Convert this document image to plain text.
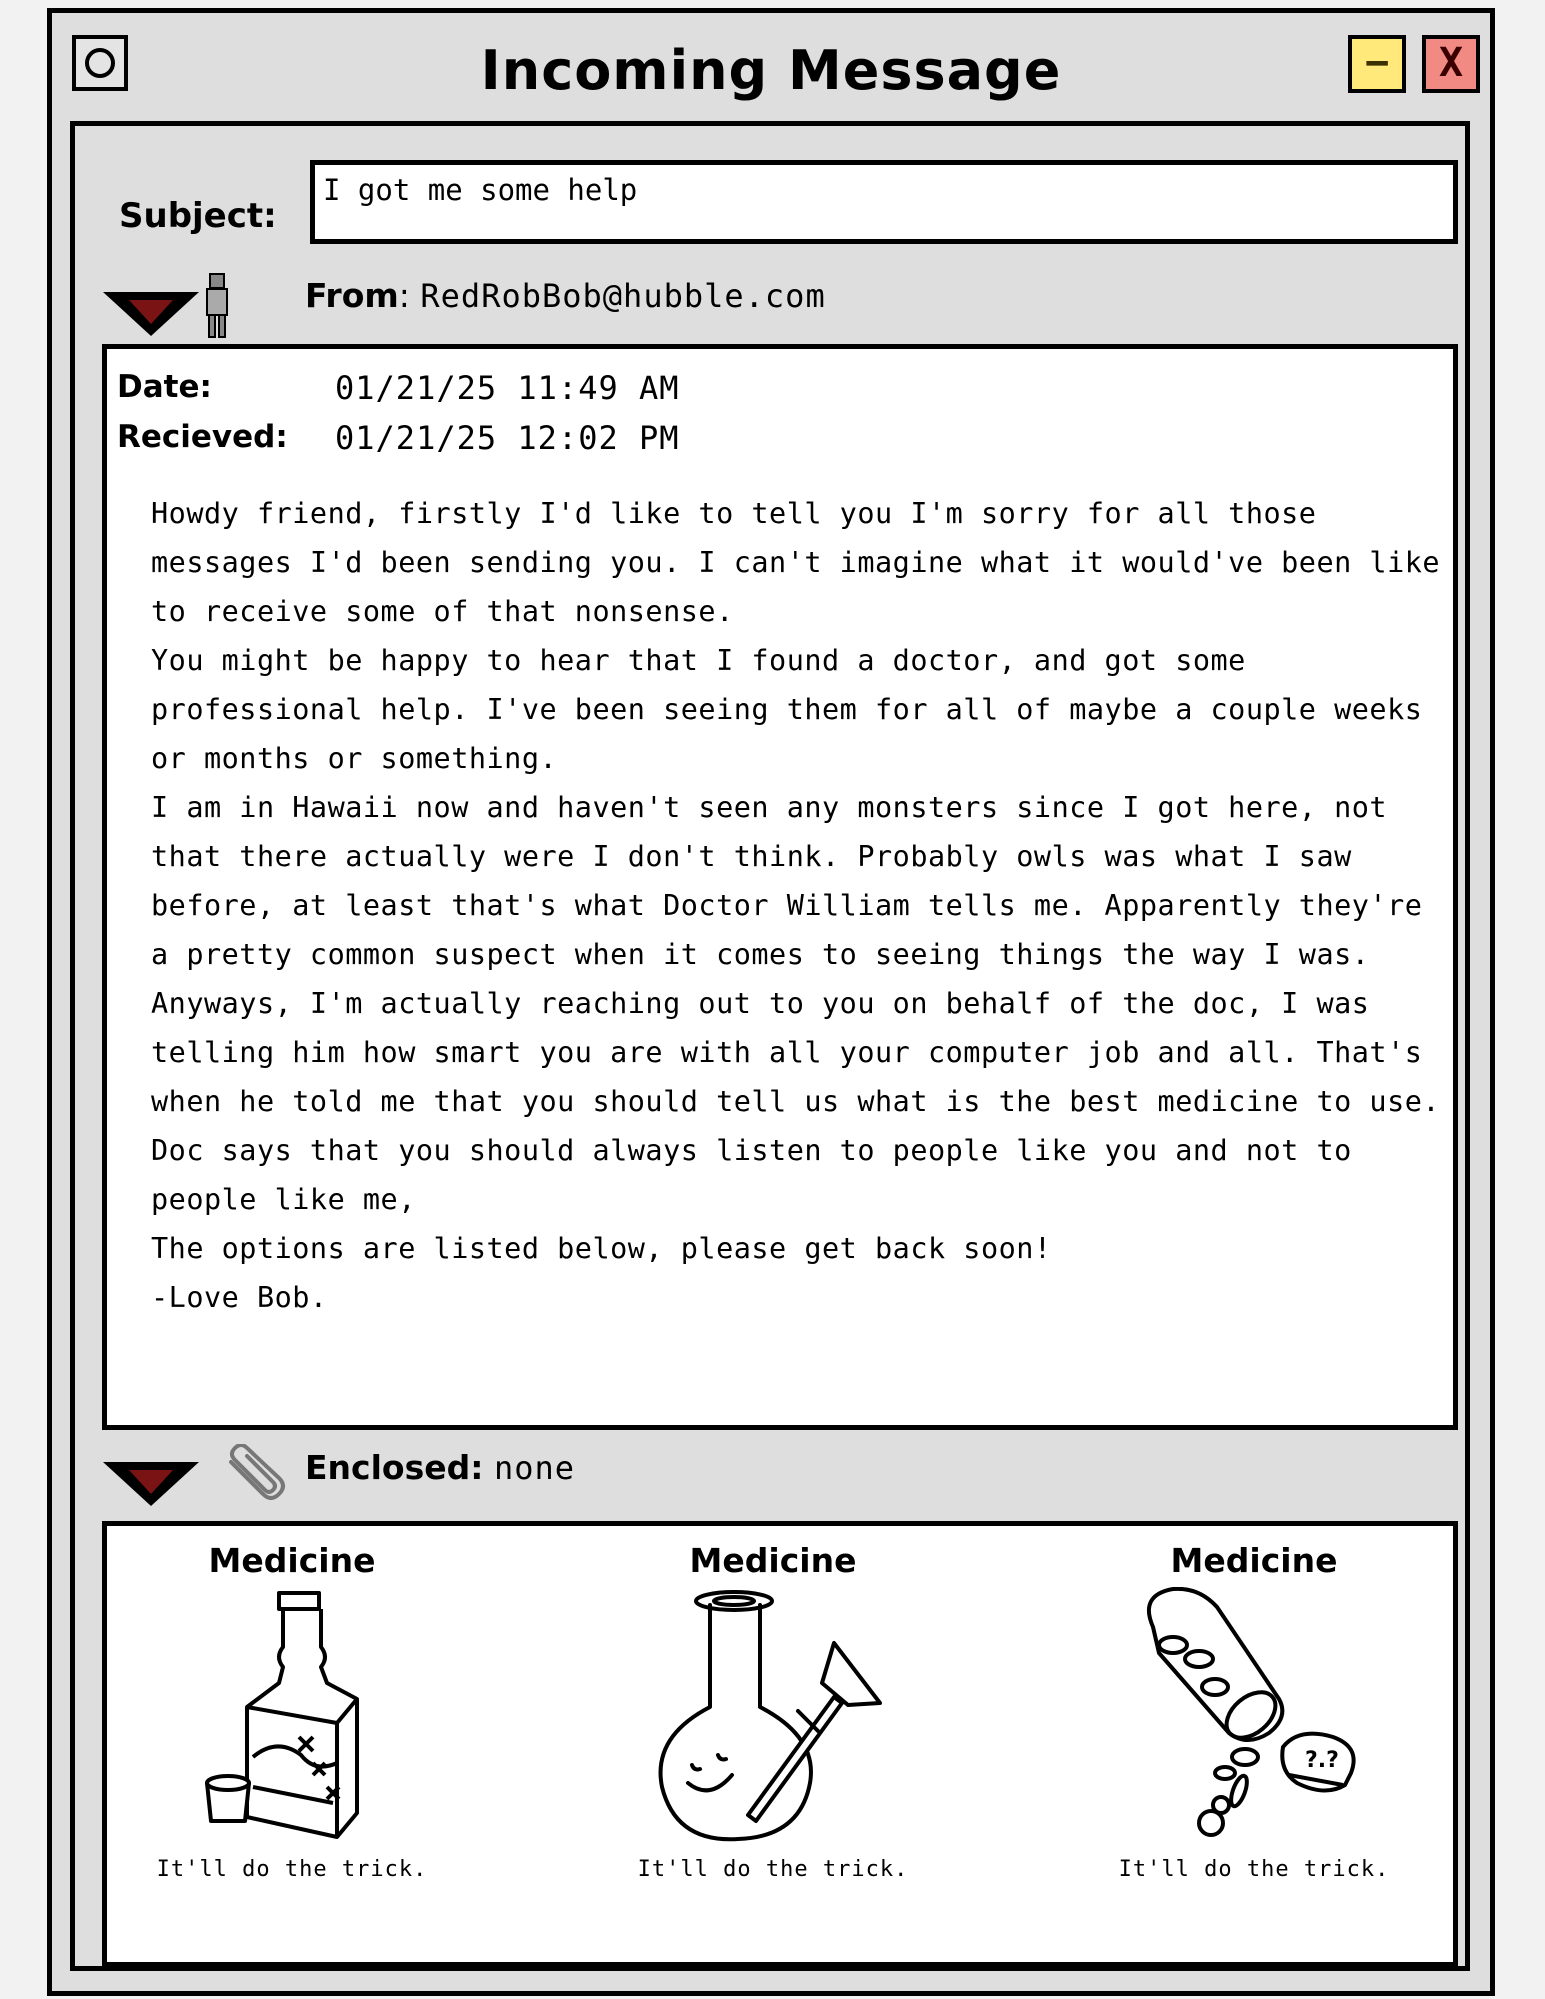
Incoming Message	−	X
Subject:
I got me some help
From: RedRobBob@hubble.com
Date:	01/21/25 11:49 AM
Recieved: 01/21/25 12:02 PM

Howdy friend, firstly I'd like to tell you I'm sorry for all those messages I'd been sending you. I can't imagine what it would've been like to receive some of that nonsense.

You might be happy to hear that I found a doctor, and got some professional help. I've been seeing them for all of maybe a couple weeks or months or something.

I am in Hawaii now and haven't seen any monsters since I got here, not that there actually were I don't think. Probably owls was what I saw before, at least that's what Doctor William tells me. Apparently they're a pretty common suspect when it comes to seeing things the way I was.

Anyways, I'm actually reaching out to you on behalf of the doc, I was telling him how smart you are with all your computer job and all. That's when he told me that you should tell us what is the best medicine to use. Doc says that you should always listen to people like you and not to people like me,

The options are listed below, please get back soon!

-Love Bob.

Enclosed: none
Medicine
It'll do the trick.
Medicine
It'll do the trick.
Medicine
?.?
It'll do the trick.
